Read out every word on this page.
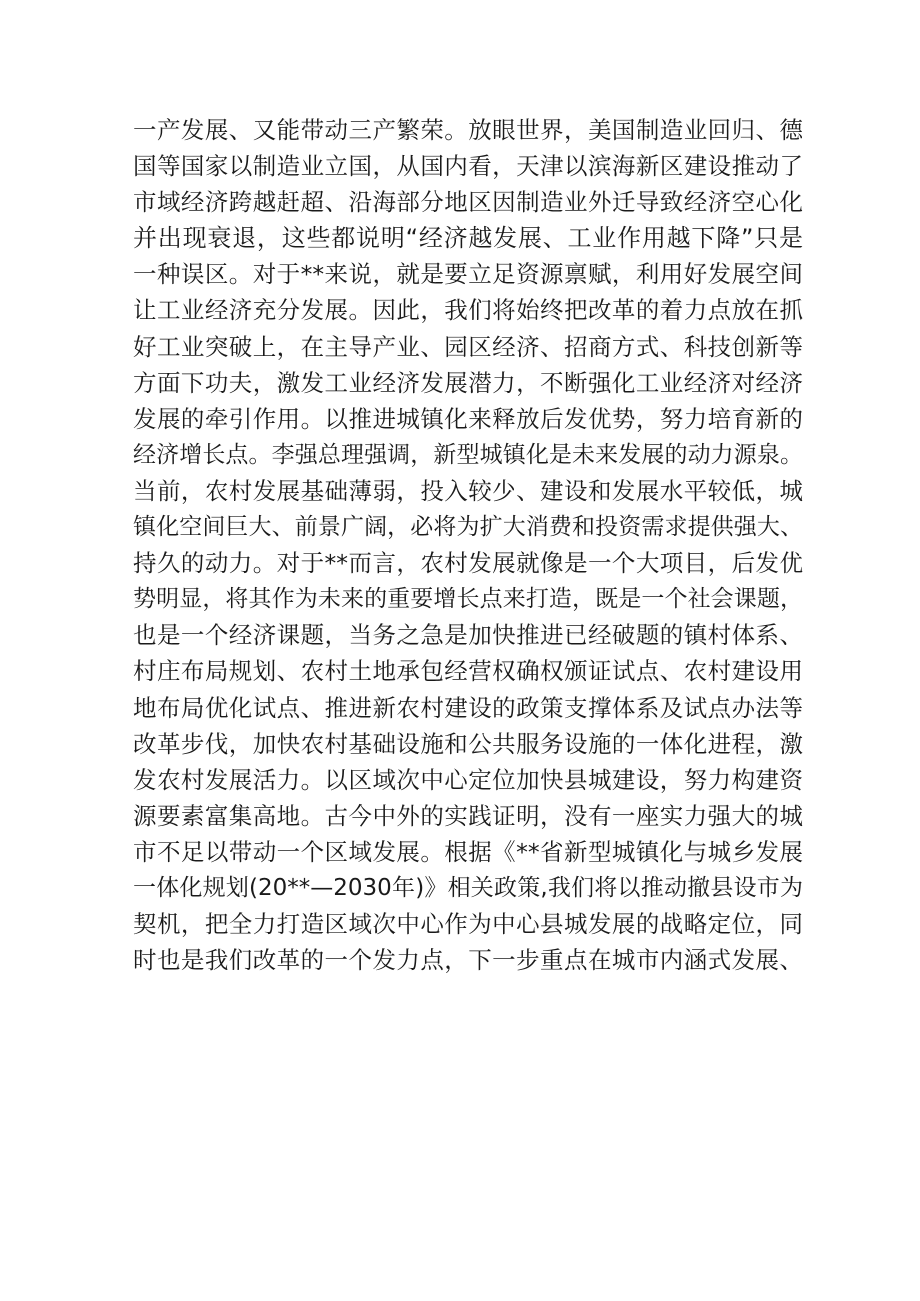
一产发展、又能带动三产繁荣。放眼世界，美国制造业回归、德
国等国家以制造业立国，从国内看，天津以滨海新区建设推动了
市域经济跨越赶超、沿海部分地区因制造业外迁导致经济空心化
并出现衰退，这些都说明“经济越发展、工业作用越下降”只是
一种误区。对于**来说，就是要立足资源禀赋，利用好发展空间
让工业经济充分发展。因此，我们将始终把改革的着力点放在抓
好工业突破上，在主导产业、园区经济、招商方式、科技创新等
方面下功夫，激发工业经济发展潜力，不断强化工业经济对经济
发展的牵引作用。以推进城镇化来释放后发优势，努力培育新的
经济增长点。李强总理强调，新型城镇化是未来发展的动力源泉。
当前，农村发展基础薄弱，投入较少、建设和发展水平较低，城
镇化空间巨大、前景广阔，必将为扩大消费和投资需求提供强大、
持久的动力。对于**而言，农村发展就像是一个大项目，后发优
势明显，将其作为未来的重要增长点来打造，既是一个社会课题，
也是一个经济课题，当务之急是加快推进已经破题的镇村体系、
村庄布局规划、农村土地承包经营权确权颁证试点、农村建设用
地布局优化试点、推进新农村建设的政策支撑体系及试点办法等
改革步伐，加快农村基础设施和公共服务设施的一体化进程，激
发农村发展活力。以区域次中心定位加快县城建设，努力构建资
源要素富集高地。古今中外的实践证明，没有一座实力强大的城
市不足以带动一个区域发展。根据《**省新型城镇化与城乡发展
一体化规划(20**—2030年)》相关政策,我们将以推动撤县设市为
契机，把全力打造区域次中心作为中心县城发展的战略定位，同
时也是我们改革的一个发力点，下一步重点在城市内涵式发展、
